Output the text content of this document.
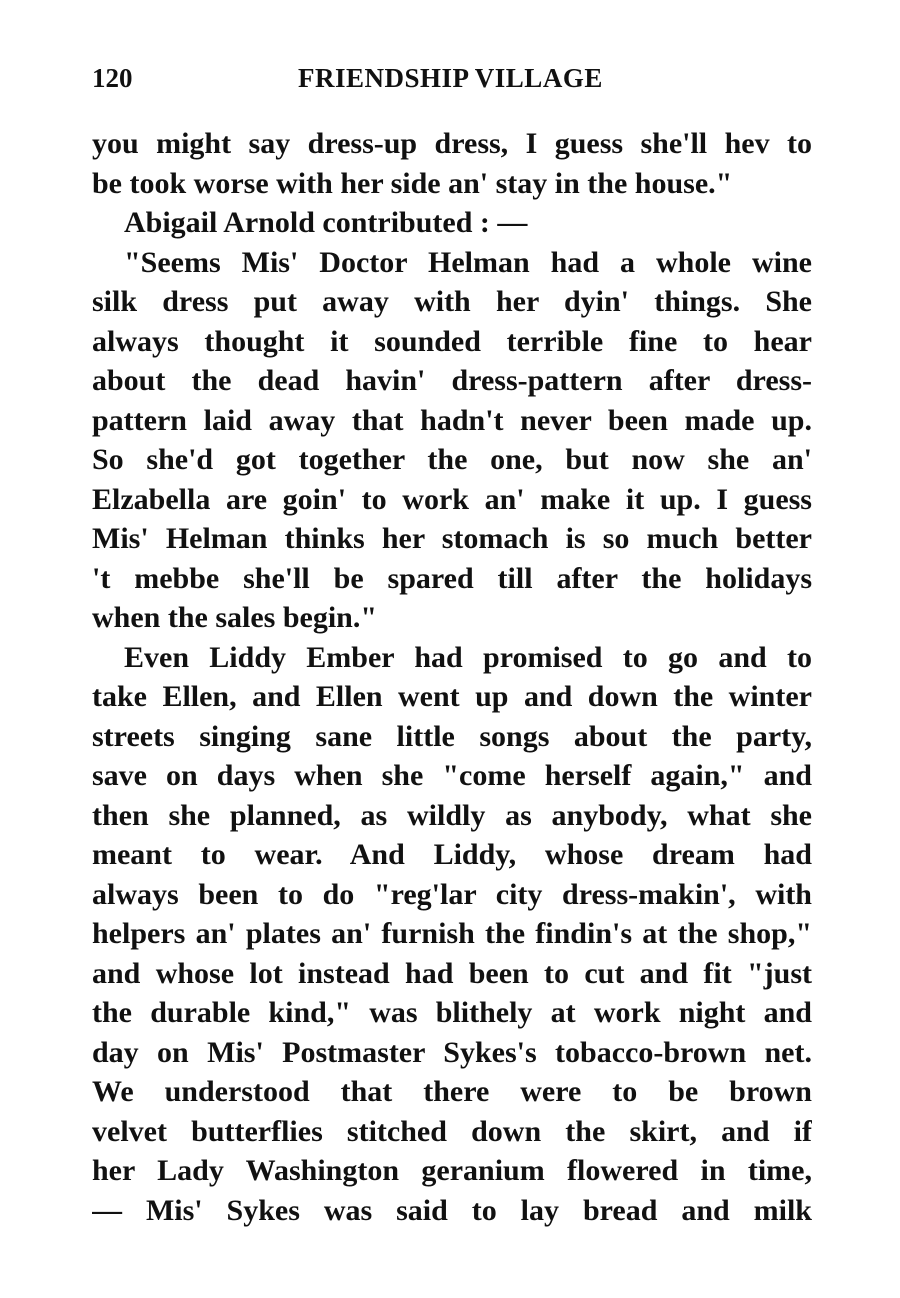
120	FRIENDSHIP VILLAGE
you might say dress-up dress, I guess she'll hev to
be took worse with her side an' stay in the house."
Abigail Arnold contributed : —
"Seems Mis' Doctor Helman had a whole wine
silk dress put away with her dyin' things. She
always thought it sounded terrible fine to hear
about the dead havin' dress-pattern after dress-
pattern laid away that hadn't never been made up.
So she'd got together the one, but now she an'
Elzabella are goin' to work an' make it up. I guess
Mis' Helman thinks her stomach is so much better
't mebbe she'll be spared till after the holidays
when the sales begin."
Even Liddy Ember had promised to go and to
take Ellen, and Ellen went up and down the winter
streets singing sane little songs about the party,
save on days when she "come herself again," and
then she planned, as wildly as anybody, what she
meant to wear. And Liddy, whose dream had
always been to do "reg'lar city dress-makin', with
helpers an' plates an' furnish the findin's at the shop,"
and whose lot instead had been to cut and fit "just
the durable kind," was blithely at work night and
day on Mis' Postmaster Sykes's tobacco-brown net.
We understood that there were to be brown
velvet butterflies stitched down the skirt, and if
her Lady Washington geranium flowered in time,
— Mis' Sykes was said to lay bread and milk
